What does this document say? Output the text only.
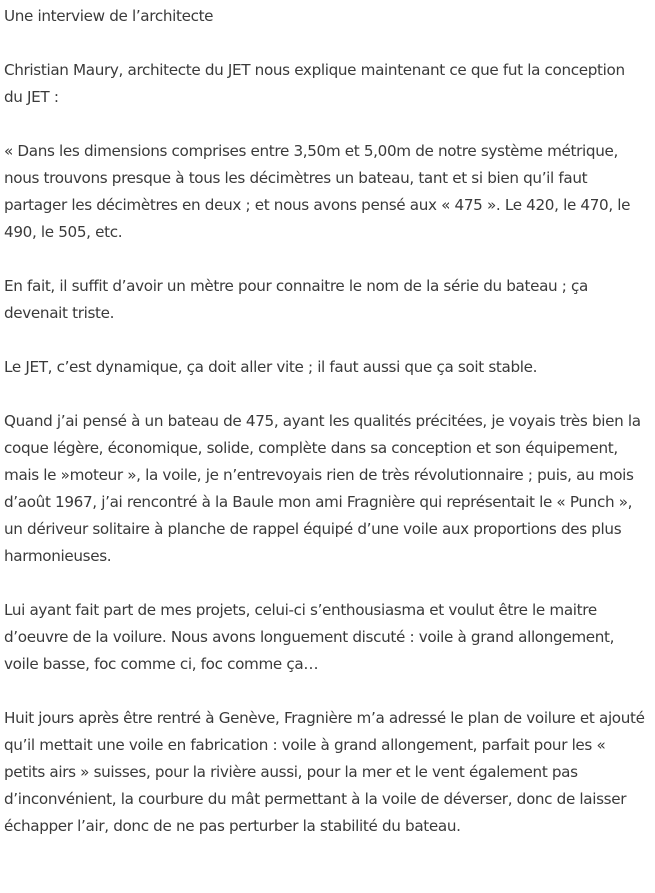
Une interview de l’architecte

Christian Maury, architecte du JET nous explique maintenant ce que fut la conception du JET :

« Dans les dimensions comprises entre 3,50m et 5,00m de notre système métrique, nous trouvons presque à tous les décimètres un bateau, tant et si bien qu’il faut partager les décimètres en deux ; et nous avons pensé aux « 475 ». Le 420, le 470, le 490, le 505, etc.

En fait, il suffit d’avoir un mètre pour connaitre le nom de la série du bateau ; ça devenait triste.

Le JET, c’est dynamique, ça doit aller vite ; il faut aussi que ça soit stable.

Quand j’ai pensé à un bateau de 475, ayant les qualités précitées, je voyais très bien la coque légère, économique, solide, complète dans sa conception et son équipement, mais le »moteur », la voile, je n’entrevoyais rien de très révolutionnaire ; puis, au mois d’août 1967, j’ai rencontré à la Baule mon ami Fragnière qui représentait le « Punch », un dériveur solitaire à planche de rappel équipé d’une voile aux proportions des plus harmonieuses.

Lui ayant fait part de mes projets, celui-ci s’enthousiasma et voulut être le maitre d’oeuvre de la voilure. Nous avons longuement discuté : voile à grand allongement, voile basse, foc comme ci, foc comme ça…

Huit jours après être rentré à Genève, Fragnière m’a adressé le plan de voilure et ajouté qu’il mettait une voile en fabrication : voile à grand allongement, parfait pour les « petits airs » suisses, pour la rivière aussi, pour la mer et le vent également pas d’inconvénient, la courbure du mât permettant à la voile de déverser, donc de laisser échapper l’air, donc de ne pas perturber la stabilité du bateau.
